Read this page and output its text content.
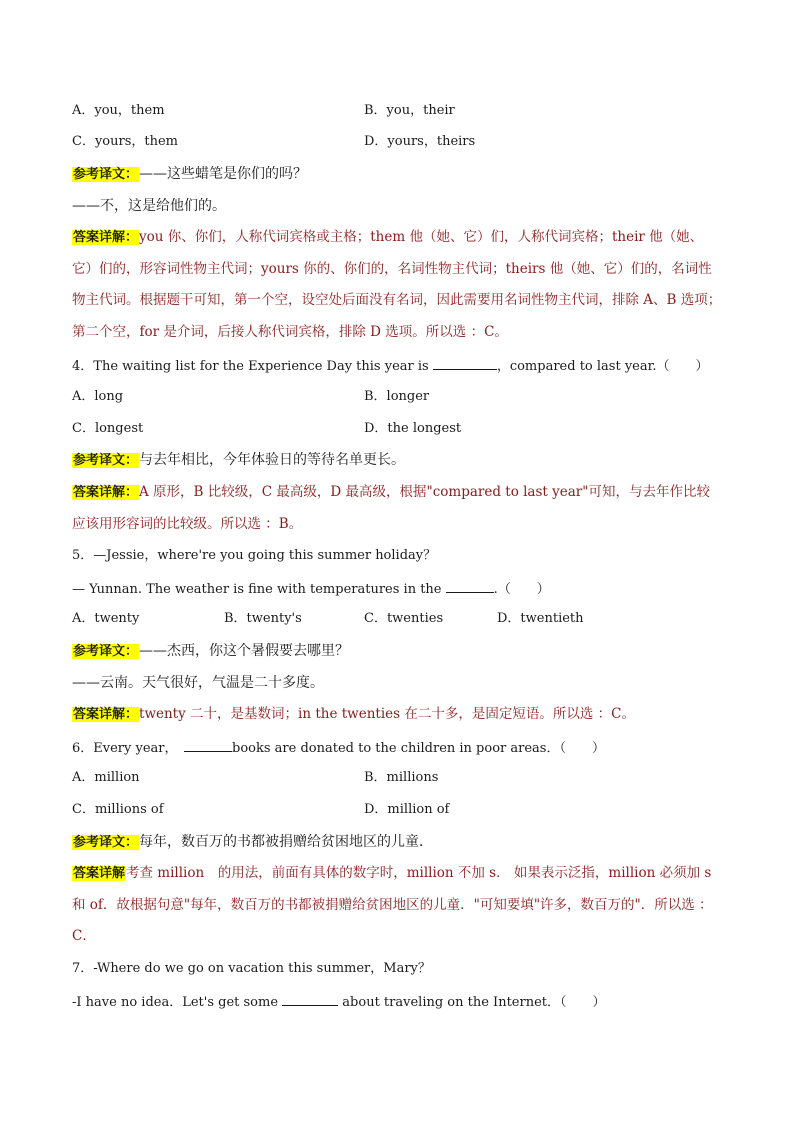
A．you，them	B．you，their
C．yours，them	D．yours，theirs
参考译文：——这些蜡笔是你们的吗？
——不，这是给他们的。
答案详解：you 你、你们，人称代词宾格或主格；them 他（她、它）们，人称代词宾格；their 他（她、它）们的，形容词性物主代词；yours 你的、你们的，名词性物主代词；theirs 他（她、它）们的，名词性物主代词。根据题干可知，第一个空，设空处后面没有名词，因此需要用名词性物主代词，排除 A、B 选项；第二个空，for 是介词，后接人称代词宾格，排除 D 选项。所以选 ：C。
4．The waiting list for the Experience Day this year is	，compared to last year.（　　）
A．long	B．longer
C．longest	D．the longest
参考译文：与去年相比，今年体验日的等待名单更长。
答案详解：A 原形，B 比较级，C 最高级，D 最高级，根据"compared to last year"可知，与去年作比较应该用形容词的比较级。所以选 ：B。
5．—Jessie，where're you going this summer holiday？
— Yunnan. The weather is fine with temperatures in the	.（　　）
A．twenty	B．twenty's	C．twenties	D．twentieth
参考译文：——杰西，你这个暑假要去哪里？
——云南。天气很好，气温是二十多度。
答案详解：twenty 二十，是基数词；in the twenties 在二十多，是固定短语。所以选 ：C。
6．Every year，　	books are donated to the children in poor areas．（　　）
A．million	B．millions
C．millions of	D．million of
参考译文：每年，数百万的书都被捐赠给贫困地区的儿童．
答案详解考查 million　的用法，前面有具体的数字时，million 不加 s． 如果表示泛指，million 必须加 s 和 of．故根据句意"每年，数百万的书都被捐赠给贫困地区的儿童．"可知要填"许多，数百万的"．所以选 ：C．
7．-Where do we go on vacation this summer，Mary？
-I have no idea．Let's get some	about traveling on the Internet．（　　）
